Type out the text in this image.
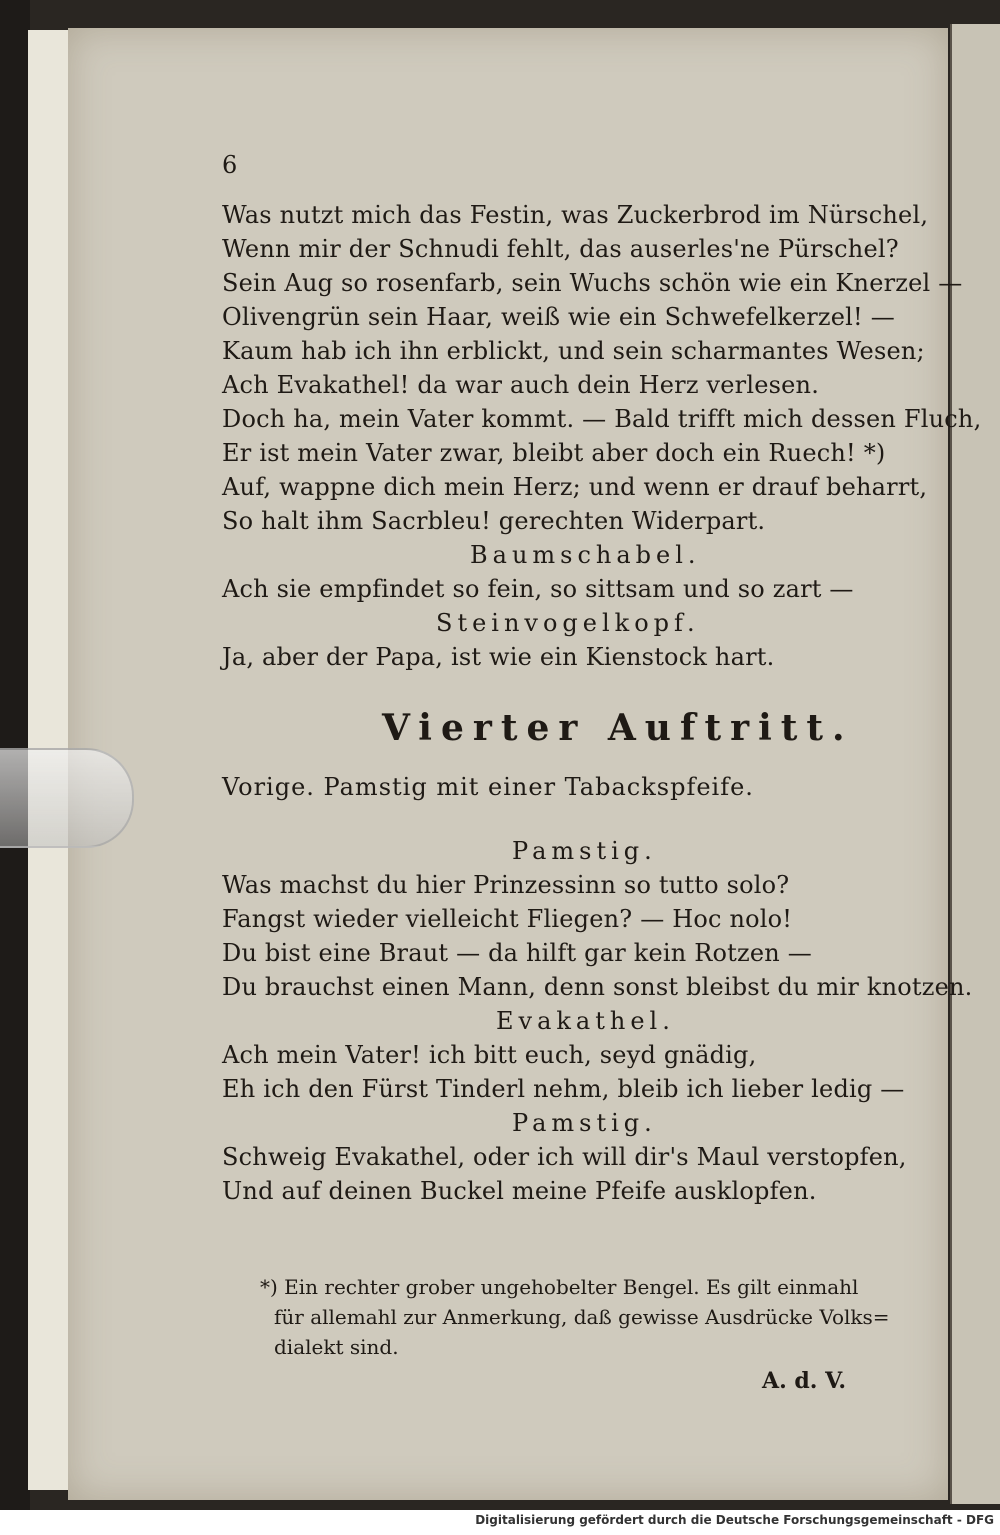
6
Was nutzt mich das Festin, was Zuckerbrod im Nürschel,
Wenn mir der Schnudi fehlt, das auserles'ne Pürschel?
Sein Aug so rosenfarb, sein Wuchs schön wie ein Knerzel —
Olivengrün sein Haar, weiß wie ein Schwefelkerzel! —
Kaum hab ich ihn erblickt, und sein scharmantes Wesen;
Ach Evakathel! da war auch dein Herz verlesen.
Doch ha, mein Vater kommt. — Bald trifft mich dessen Fluch,
Er ist mein Vater zwar, bleibt aber doch ein Ruech! *)
Auf, wappne dich mein Herz; und wenn er drauf beharrt,
So halt ihm Sacrbleu! gerechten Widerpart.
Baumschabel.
Ach sie empfindet so fein, so sittsam und so zart —
Steinvogelkopf.
Ja, aber der Papa, ist wie ein Kienstock hart.
Vierter Auftritt.
Vorige. Pamstig mit einer Tabackspfeife.
Pamstig.
Was machst du hier Prinzessinn so tutto solo?
Fangst wieder vielleicht Fliegen? — Hoc nolo!
Du bist eine Braut — da hilft gar kein Rotzen —
Du brauchst einen Mann, denn sonst bleibst du mir knotzen.
Evakathel.
Ach mein Vater! ich bitt euch, seyd gnädig,
Eh ich den Fürst Tinderl nehm, bleib ich lieber ledig —
Pamstig.
Schweig Evakathel, oder ich will dir's Maul verstopfen,
Und auf deinen Buckel meine Pfeife ausklopfen.
*) Ein rechter grober ungehobelter Bengel. Es gilt einmahl
für allemahl zur Anmerkung, daß gewisse Ausdrücke Volks=
dialekt sind.
A. d. V.
Digitalisierung gefördert durch die Deutsche Forschungsgemeinschaft - DFG
